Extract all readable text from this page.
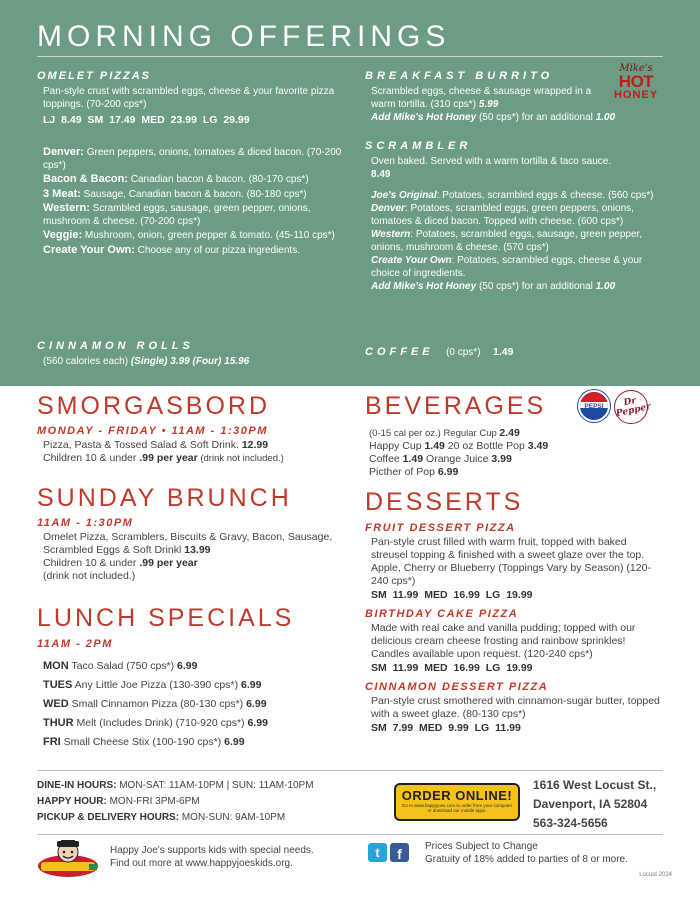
MORNING OFFERINGS
OMELET PIZZAS
Pan-style crust with scrambled eggs, cheese & your favorite pizza toppings. (70-200 cps*)
LJ 8.49 SM 17.49 MED 23.99 LG 29.99
Denver: Green peppers, onions, tomatoes & diced bacon. (70-200 cps*)
Bacon & Bacon: Canadian bacon & bacon. (80-170 cps*)
3 Meat: Sausage, Canadian bacon & bacon. (80-180 cps*)
Western: Scrambled eggs, sausage, green pepper, onions, mushroom & cheese. (70-200 cps*)
Veggie: Mushroom, onion, green pepper & tomato. (45-110 cps*)
Create Your Own: Choose any of our pizza ingredients.
CINNAMON ROLLS
(560 calories each) (Single) 3.99 (Four) 15.96
BREAKFAST BURRITO
Scrambled eggs, cheese & sausage wrapped in a warm tortilla. (310 cps*) 5.99
Add Mike's Hot Honey (50 cps*) for an additional 1.00
SCRAMBLER
Oven baked. Served with a warm tortilla & taco sauce.
8.49
Joe's Original: Potatoes, scrambled eggs & cheese. (560 cps*)
Denver: Potatoes, scrambled eggs, green peppers, onions, tomatoes & diced bacon. Topped with cheese. (600 cps*)
Western: Potatoes, scrambled eggs, sausage, green pepper, onions, mushroom & cheese. (570 cps*)
Create Your Own: Potatoes, scrambled eggs, cheese & your choice of ingredients.
Add Mike's Hot Honey (50 cps*) for an additional 1.00
COFFEE (0 cps*) 1.49
Mike's
HOT
HONEY
SMORGASBORD
MONDAY - FRIDAY • 11AM - 1:30PM
Pizza, Pasta & Tossed Salad & Soft Drink. 12.99
Children 10 & under .99 per year (drink not included.)
SUNDAY BRUNCH
11AM - 1:30PM
Omelet Pizza, Scramblers, Biscuits & Gravy, Bacon, Sausage, Scrambled Eggs & Soft Drinkl 13.99
Children 10 & under .99 per year
(drink not included.)
LUNCH SPECIALS
11AM - 2PM
MON Taco Salad (750 cps*) 6.99
TUES Any Little Joe Pizza (130-390 cps*) 6.99
WED Small Cinnamon Pizza (80-130 cps*) 6.99
THUR Melt (Includes Drink) (710-920 cps*) 6.99
FRI Small Cheese Stix (100-190 cps*) 6.99
BEVERAGES
(0-15 cal per oz.) Regular Cup 2.49
Happy Cup 1.49 20 oz Bottle Pop 3.49
Coffee 1.49 Orange Juice 3.99
Picther of Pop 6.99
PEPSI	Dr Pepper
DESSERTS
FRUIT DESSERT PIZZA
Pan-style crust filled with warm fruit, topped with baked streusel topping & finished with a sweet glaze over the top. Apple, Cherry or Blueberry (Toppings Vary by Season) (120-240 cps*)
SM 11.99 MED 16.99 LG 19.99
BIRTHDAY CAKE PIZZA
Made with real cake and vanilla pudding; topped with our delicious cream cheese frosting and rainbow sprinkles! Candles available upon request. (120-240 cps*)
SM 11.99 MED 16.99 LG 19.99
CINNAMON DESSERT PIZZA
Pan-style crust smothered with cinnamon-sugar butter, topped with a sweet glaze. (80-130 cps*)
SM 7.99 MED 9.99 LG 11.99
DINE-IN HOURS: MON-SAT: 11AM-10PM | SUN: 11AM-10PM
HAPPY HOUR: MON-FRI 3PM-6PM
PICKUP & DELIVERY HOURS: MON-SUN: 9AM-10PM
ORDER ONLINE!
Go to www.happyjoes.com to order from your computer or download our mobile apps.
1616 West Locust St.,
Davenport, IA 52804
563-324-5656
Happy Joe's supports kids with special needs.
Find out more at www.happyjoeskids.org.
t	f	Prices Subject to Change
Gratuity of 18% added to parties of 8 or more.
Locust 2024
